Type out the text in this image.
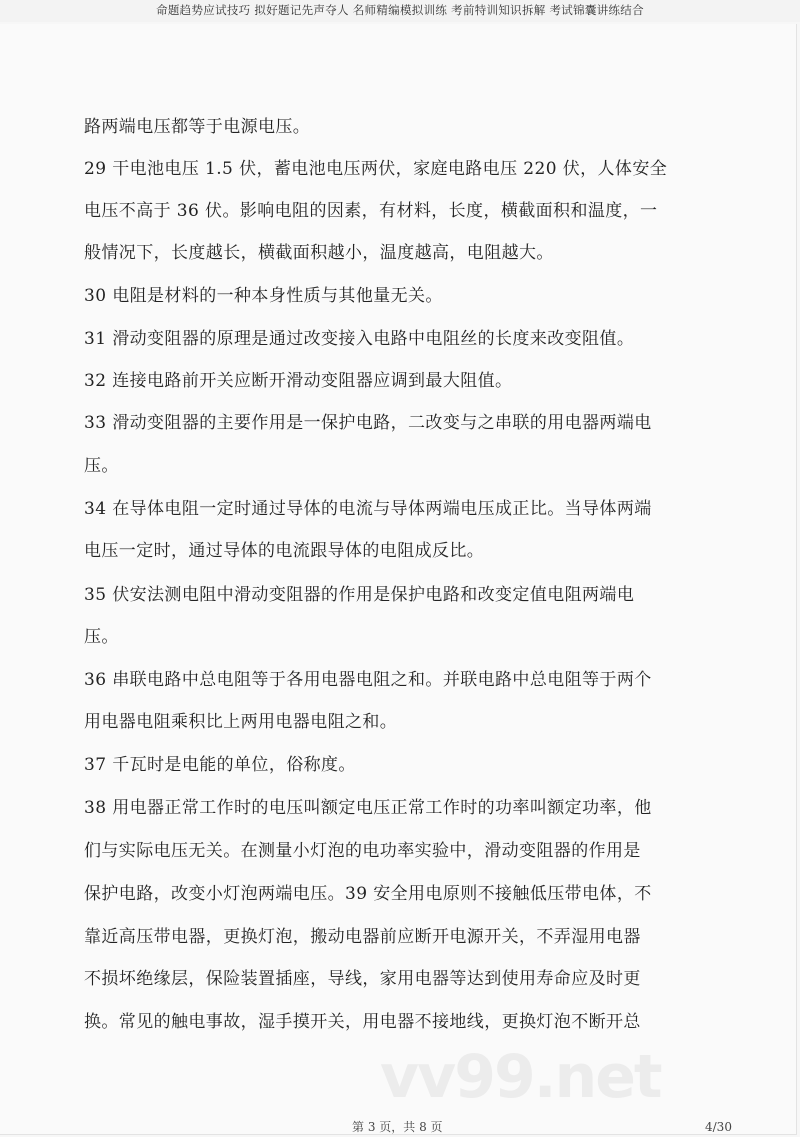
命题趋势应试技巧 拟好题记先声夺人 名师精编模拟训练 考前特训知识拆解 考试锦囊讲练结合
路两端电压都等于电源电压。
29 干电池电压 1.5 伏，蓄电池电压两伏，家庭电路电压 220 伏，人体安全
电压不高于 36 伏。影响电阻的因素，有材料，长度，横截面积和温度，一
般情况下，长度越长，横截面积越小，温度越高，电阻越大。
30 电阻是材料的一种本身性质与其他量无关。
31 滑动变阻器的原理是通过改变接入电路中电阻丝的长度来改变阻值。
32 连接电路前开关应断开滑动变阻器应调到最大阻值。
33 滑动变阻器的主要作用是一保护电路，二改变与之串联的用电器两端电
压。
34 在导体电阻一定时通过导体的电流与导体两端电压成正比。当导体两端
电压一定时，通过导体的电流跟导体的电阻成反比。
35 伏安法测电阻中滑动变阻器的作用是保护电路和改变定值电阻两端电
压。
36 串联电路中总电阻等于各用电器电阻之和。并联电路中总电阻等于两个
用电器电阻乘积比上两用电器电阻之和。
37 千瓦时是电能的单位，俗称度。
38 用电器正常工作时的电压叫额定电压正常工作时的功率叫额定功率，他
们与实际电压无关。在测量小灯泡的电功率实验中，滑动变阻器的作用是
保护电路，改变小灯泡两端电压。39 安全用电原则不接触低压带电体，不
靠近高压带电器，更换灯泡，搬动电器前应断开电源开关，不弄湿用电器
不损坏绝缘层，保险装置插座，导线，家用电器等达到使用寿命应及时更
换。常见的触电事故，湿手摸开关，用电器不接地线，更换灯泡不断开总
vv99.net
第 3 页，共 8 页	4/30
